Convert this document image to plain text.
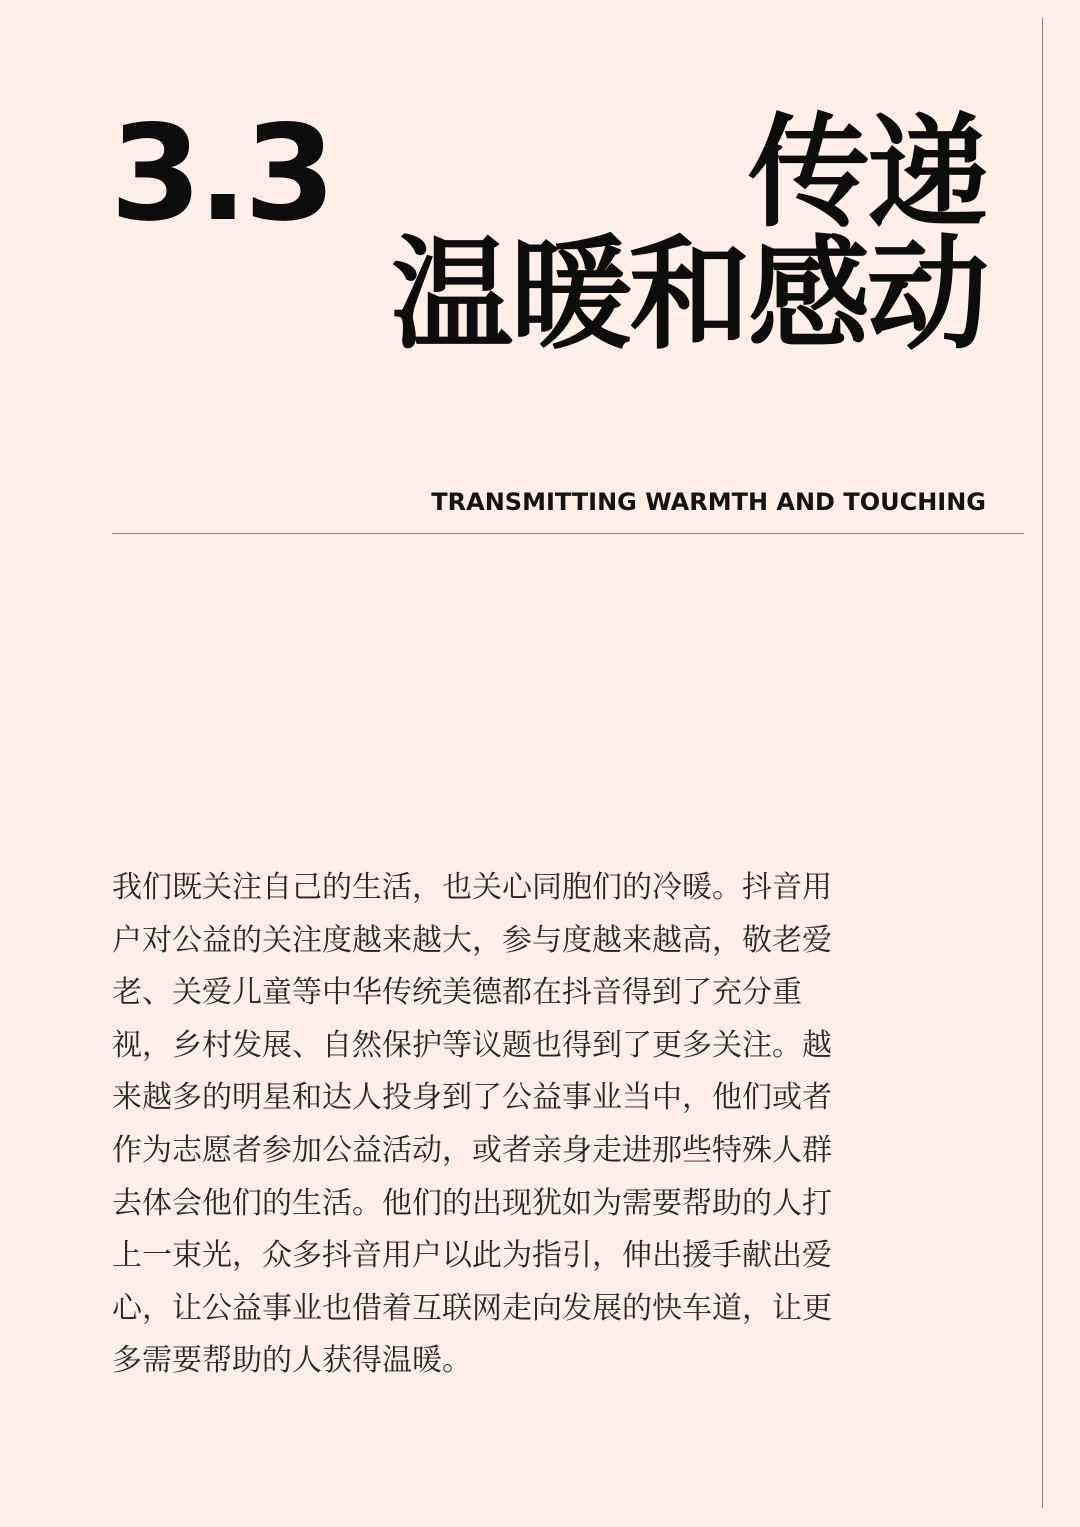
3.3	传递
温暖和感动
TRANSMITTING WARMTH AND TOUCHING

我们既关注自己的生活，也关心同胞们的冷暖。抖音用户对公益的关注度越来越大，参与度越来越高，敬老爱老、关爱儿童等中华传统美德都在抖音得到了充分重视，乡村发展、自然保护等议题也得到了更多关注。越来越多的明星和达人投身到了公益事业当中，他们或者作为志愿者参加公益活动，或者亲身走进那些特殊人群去体会他们的生活。他们的出现犹如为需要帮助的人打上一束光，众多抖音用户以此为指引，伸出援手献出爱心，让公益事业也借着互联网走向发展的快车道，让更多需要帮助的人获得温暖。
